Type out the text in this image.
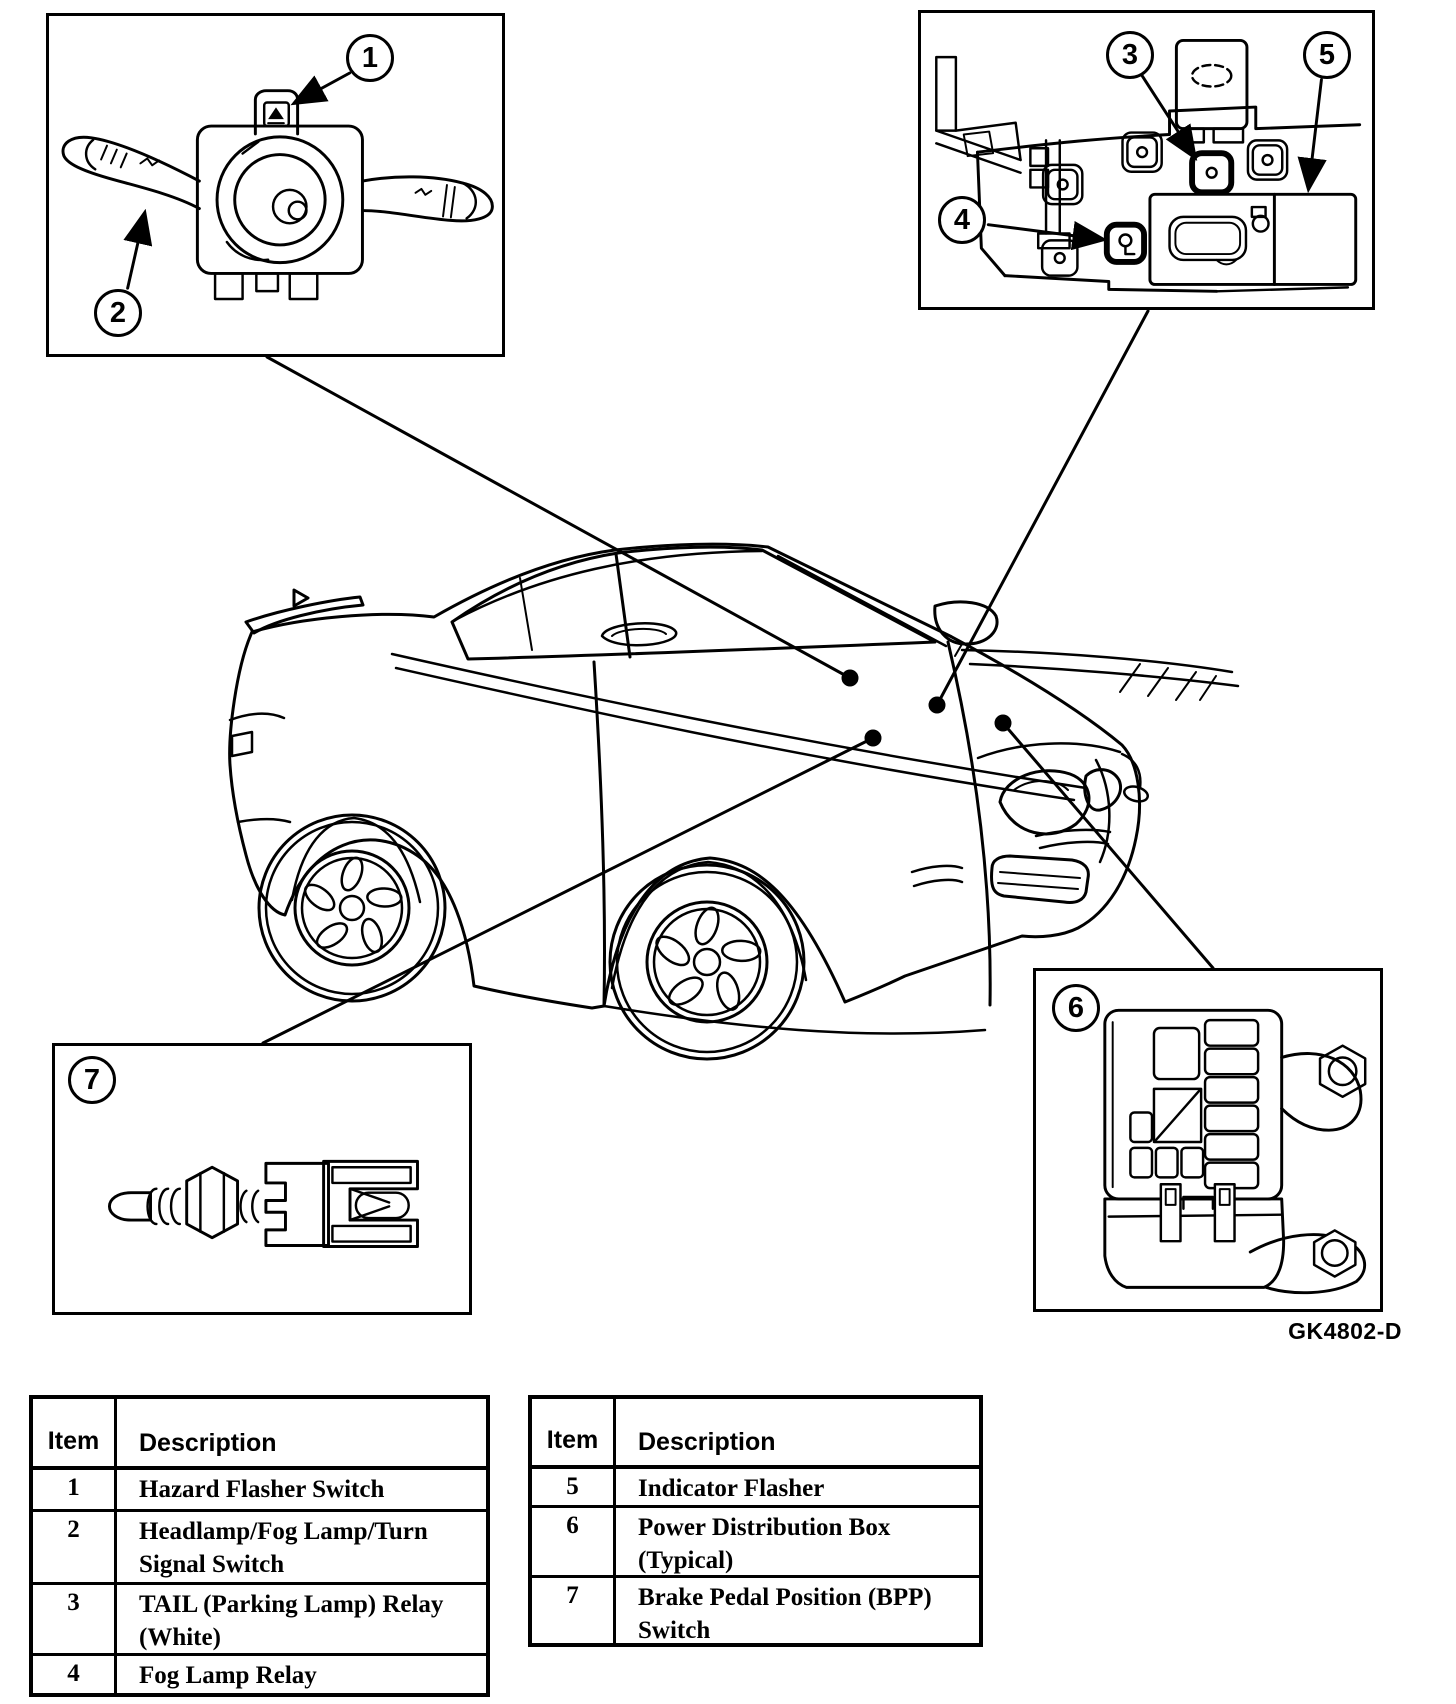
1
2
3
4
5
6
7
GK4802-D
Item	Description
1	Hazard Flasher Switch
2	Headlamp/Fog Lamp/Turn Signal Switch
3	TAIL (Parking Lamp) Relay (White)
4	Fog Lamp Relay
Item	Description
5	Indicator Flasher
6	Power Distribution Box (Typical)
7	Brake Pedal Position (BPP) Switch
